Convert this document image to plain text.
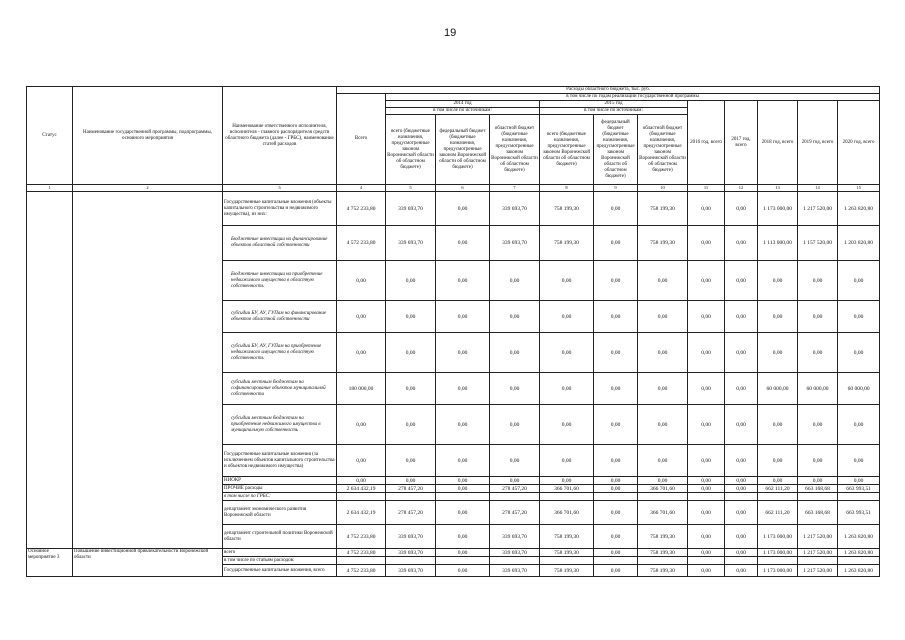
19
Статус	Наименование государственной программы, подпрограммы, основного мероприятия	Наименование ответственного исполнителя, исполнителя - главного распорядителя средств областного бюджета (далее - ГРБС), наименование статей расходов	Расходы областного бюджета, тыс. руб.											
			Всего	в том числе по годам реализации государственной программы										
				2014 год			2015 год			2016 год, всего	2017 год, всего	2018 год, всего	2019 год, всего	2020 год, всего
				в том числе по источникам:			в том числе по источникам:							
				всего (бюджетные назначения, предусмотренные законом Воронежской области об областном бюджете)	федеральный бюджет (бюджетные назначения, предусмотренные законом Воронежской области об областном бюджете)	областной бюджет (бюджетные назначения, предусмотренные законом Воронежской области об областном бюджете)	всего (бюджетные назначения, предусмотренные законом Воронежской области об областном бюджете)	федеральный бюджет (бюджетные назначения, предусмотренные законом Воронежской области об областном бюджете)	областной бюджет (бюджетные назначения, предусмотренные законом Воронежской области об областном бюджете)					
1	2	3	4	5	6	7	8	9	10	11	12	13	14	15
		Государственные капитальные вложения (объекты капитального строительства и недвижимого имущества), из них:	4 752 233,80	339 693,70	0,00	339 693,70	758 199,30	0,00	758 199,30	0,00	0,00	1 173 000,00	1 217 520,00	1 263 820,80
		Бюджетные инвестиции на финансирование объектов областной собственности	4 572 233,80	339 693,70	0,00	339 693,70	758 199,30	0,00	758 199,30	0,00	0,00	1 113 000,00	1 157 520,00	1 203 820,80
		Бюджетные инвестиции на приобретение недвижимого имущества в областную собственность	0,00	0,00	0,00	0,00	0,00	0,00	0,00	0,00	0,00	0,00	0,00	0,00
		субсидии БУ, АУ, ГУПам на финансирование объектов областной собственности	0,00	0,00	0,00	0,00	0,00	0,00	0,00	0,00	0,00	0,00	0,00	0,00
		субсидии БУ, АУ, ГУПам на приобретение недвижимого имущества в областную собственность	0,00	0,00	0,00	0,00	0,00	0,00	0,00	0,00	0,00	0,00	0,00	0,00
		субсидии местным бюджетам на софинансирование объектов муниципальной собственности	180 000,00	0,00	0,00	0,00	0,00	0,00	0,00	0,00	0,00	60 000,00	60 000,00	60 000,00
		субсидии местным бюджетам на приобретение недвижимого имущества в муниципальную собственность	0,00	0,00	0,00	0,00	0,00	0,00	0,00	0,00	0,00	0,00	0,00	0,00
		Государственные капитальные вложения (за исключением объектов капитального строительства и объектов недвижимого имущества)	0,00	0,00	0,00	0,00	0,00	0,00	0,00	0,00	0,00	0,00	0,00	0,00
		НИОКР	0,00	0,00	0,00	0,00	0,00	0,00	0,00	0,00	0,00	0,00	0,00	0,00
		ПРОЧИЕ расходы	2 634 432,19	278 457,20	0,00	278 457,20	366 701,60	0,00	366 701,60	0,00	0,00	662 111,20	663 168,68	663 993,51
		в том числе по ГРБС:												
		департамент экономического развития Воронежской области	2 634 432,19	278 457,20	0,00	278 457,20	366 701,60	0,00	366 701,60	0,00	0,00	662 111,20	663 168,68	663 993,51
		департамент строительной политики Воронежской области	4 752 233,80	339 693,70	0,00	339 693,70	758 199,30	0,00	758 199,30	0,00	0,00	1 173 000,00	1 217 520,00	1 263 820,80
Основное мероприятие 3	Повышение инвестиционной привлекательности Воронежской области	всего	4 752 233,80	339 693,70	0,00	339 693,70	758 199,30	0,00	758 199,30	0,00	0,00	1 173 000,00	1 217 520,00	1 263 820,80
		в том числе по статьям расходов:												
		Государственные капитальные вложения, всего	4 752 233,80	339 693,70	0,00	339 693,70	758 199,30	0,00	758 199,30	0,00	0,00	1 173 000,00	1 217 520,00	1 263 820,80
